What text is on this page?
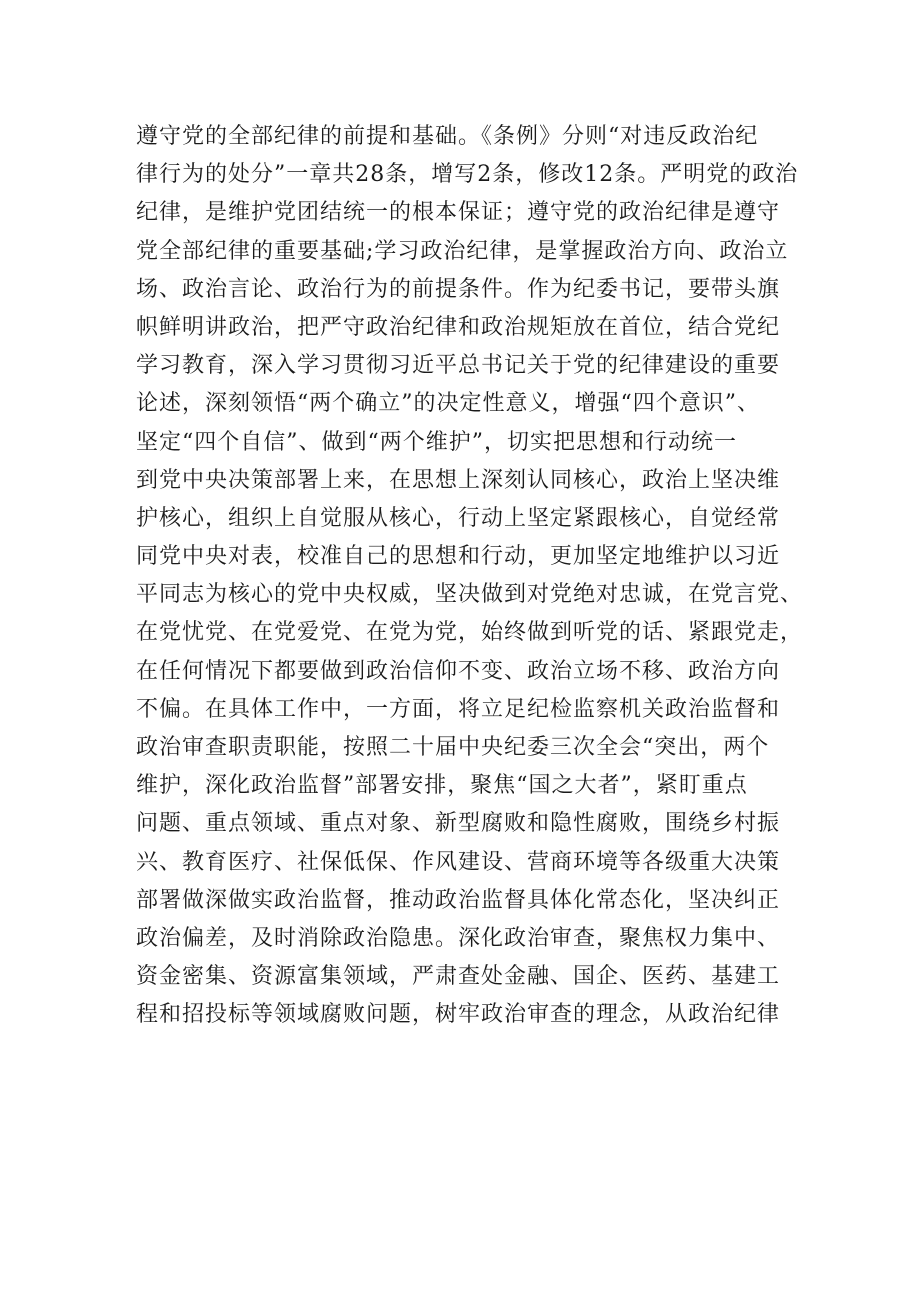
遵守党的全部纪律的前提和基础。《条例》分则“对违反政治纪
律行为的处分”一章共28条，增写2条，修改12条。严明党的政治
纪律，是维护党团结统一的根本保证；遵守党的政治纪律是遵守
党全部纪律的重要基础;学习政治纪律，是掌握政治方向、政治立
场、政治言论、政治行为的前提条件。作为纪委书记，要带头旗
帜鲜明讲政治，把严守政治纪律和政治规矩放在首位，结合党纪
学习教育，深入学习贯彻习近平总书记关于党的纪律建设的重要
论述，深刻领悟“两个确立”的决定性意义，增强“四个意识”、
坚定“四个自信”、做到“两个维护”，切实把思想和行动统一
到党中央决策部署上来，在思想上深刻认同核心，政治上坚决维
护核心，组织上自觉服从核心，行动上坚定紧跟核心，自觉经常
同党中央对表，校准自己的思想和行动，更加坚定地维护以习近
平同志为核心的党中央权威，坚决做到对党绝对忠诚，在党言党、
在党忧党、在党爱党、在党为党，始终做到听党的话、紧跟党走，
在任何情况下都要做到政治信仰不变、政治立场不移、政治方向
不偏。在具体工作中，一方面，将立足纪检监察机关政治监督和
政治审查职责职能，按照二十届中央纪委三次全会“突出，两个
维护，深化政治监督”部署安排，聚焦“国之大者”，紧盯重点
问题、重点领域、重点对象、新型腐败和隐性腐败，围绕乡村振
兴、教育医疗、社保低保、作风建设、营商环境等各级重大决策
部署做深做实政治监督，推动政治监督具体化常态化，坚决纠正
政治偏差，及时消除政治隐患。深化政治审查，聚焦权力集中、
资金密集、资源富集领域，严肃查处金融、国企、医药、基建工
程和招投标等领域腐败问题，树牢政治审查的理念，从政治纪律
